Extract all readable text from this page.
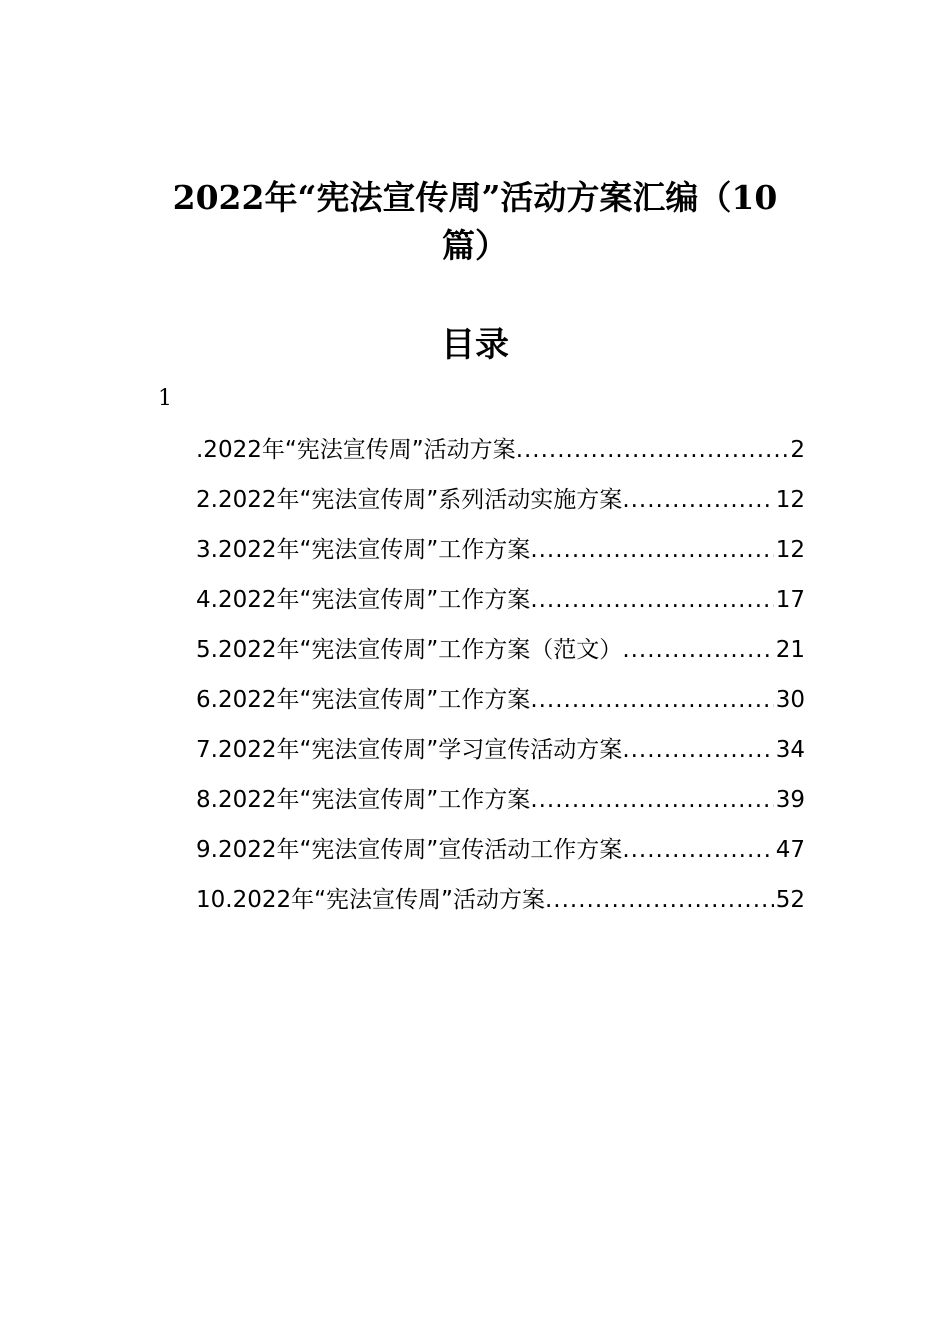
2022年“宪法宣传周”活动方案汇编（10篇）
目录
1
.2022年“宪法宣传周”活动方案 .....	2
2.2022年“宪法宣传周”系列活动实施方案 .....	12
3.2022年“宪法宣传周”工作方案 .....	12
4.2022年“宪法宣传周”工作方案 .....	17
5.2022年“宪法宣传周”工作方案（范文） .....	21
6.2022年“宪法宣传周”工作方案 .....	30
7.2022年“宪法宣传周”学习宣传活动方案 .....	34
8.2022年“宪法宣传周”工作方案 .....	39
9.2022年“宪法宣传周”宣传活动工作方案 .....	47
10.2022年“宪法宣传周”活动方案 .....	52
